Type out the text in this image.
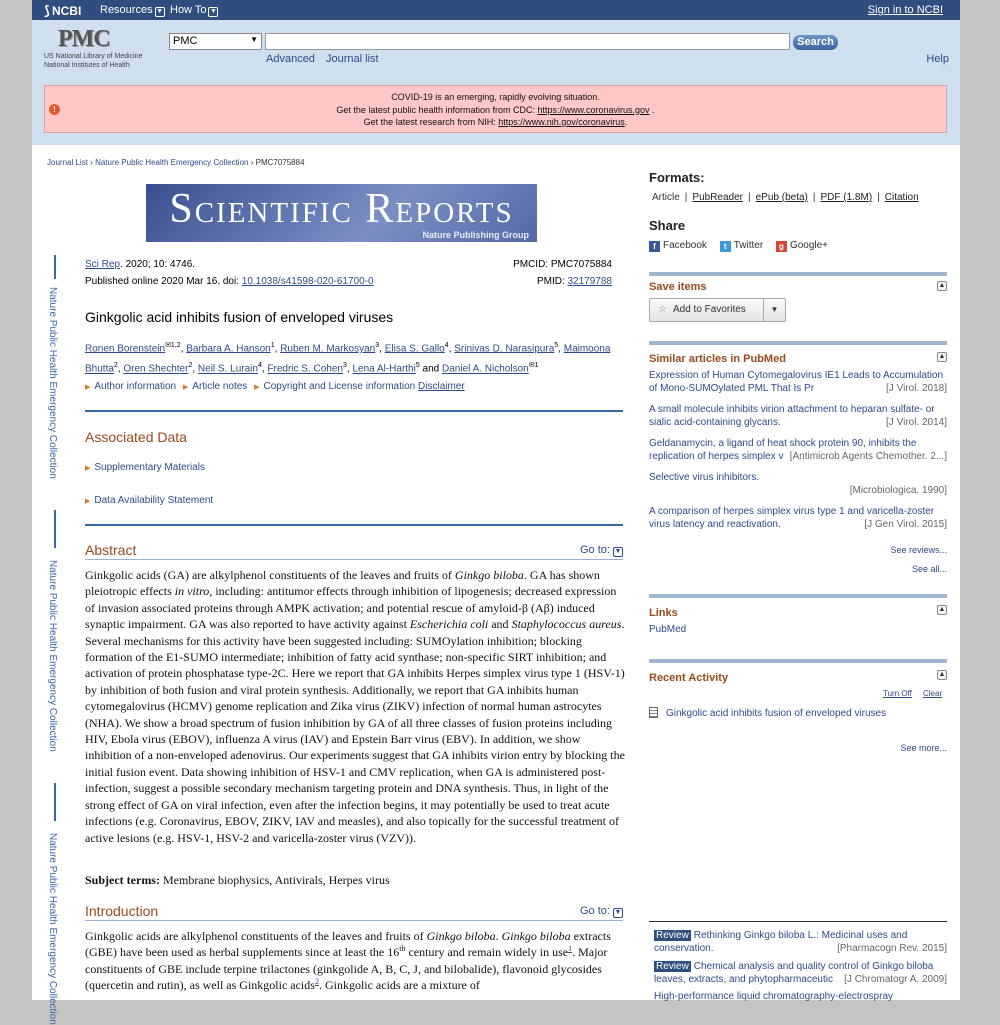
⟆ NCBI Resources ▼ How To ▼	Sign in to NCBI
PMC
US National Library of Medicine
National Institutes of Health
PMC	▼	Search
Advanced Journal list	Help
!
COVID-19 is an emerging, rapidly evolving situation.
Get the latest public health information from CDC: https://www.coronavirus.gov .
Get the latest research from NIH: https://www.nih.gov/coronavirus.
Journal List › Nature Public Health Emergency Collection › PMC7075884
Scientific Reports
Nature Publishing Group
Nature Public Health Emergency Collection
Nature Public Health Emergency Collection
Nature Public Health Emergency Collection
Sci Rep. 2020; 10: 4746.	PMCID: PMC7075884
Published online 2020 Mar 16. doi: 10.1038/s41598-020-61700-0	PMID: 32179788
Ginkgolic acid inhibits fusion of enveloped viruses
Ronen Borenstein$^{✉1,2}$, Barbara A. Hanson$^1$, Ruben M. Markosyan$^3$, Elisa S. Gallo$^4$, Srinivas D. Narasipura$^5$, Maimoona Bhutta$^2$, Oren Shechter$^2$, Neil S. Lurain$^4$, Fredric S. Cohen$^3$, Lena Al-Harthi$^5$ and Daniel A. Nicholson$^{✉1}$
▶ Author information ▶ Article notes ▶ Copyright and License information Disclaimer
Associated Data
▶ Supplementary Materials
▶ Data Availability Statement
Abstract	Go to: ▼
Ginkgolic acids (GA) are alkylphenol constituents of the leaves and fruits of Ginkgo biloba. GA has shown pleiotropic effects in vitro, including: antitumor effects through inhibition of lipogenesis; decreased expression of invasion associated proteins through AMPK activation; and potential rescue of amyloid-β (Aβ) induced synaptic impairment. GA was also reported to have activity against Escherichia coli and Staphylococcus aureus. Several mechanisms for this activity have been suggested including: SUMOylation inhibition; blocking formation of the E1-SUMO intermediate; inhibition of fatty acid synthase; non-specific SIRT inhibition; and activation of protein phosphatase type-2C. Here we report that GA inhibits Herpes simplex virus type 1 (HSV-1) by inhibition of both fusion and viral protein synthesis. Additionally, we report that GA inhibits human cytomegalovirus (HCMV) genome replication and Zika virus (ZIKV) infection of normal human astrocytes (NHA). We show a broad spectrum of fusion inhibition by GA of all three classes of fusion proteins including HIV, Ebola virus (EBOV), influenza A virus (IAV) and Epstein Barr virus (EBV). In addition, we show inhibition of a non-enveloped adenovirus. Our experiments suggest that GA inhibits virion entry by blocking the initial fusion event. Data showing inhibition of HSV-1 and CMV replication, when GA is administered post-infection, suggest a possible secondary mechanism targeting protein and DNA synthesis. Thus, in light of the strong effect of GA on viral infection, even after the infection begins, it may potentially be used to treat acute infections (e.g. Coronavirus, EBOV, ZIKV, IAV and measles), and also topically for the successful treatment of active lesions (e.g. HSV-1, HSV-2 and varicella-zoster virus (VZV)).
Subject terms: Membrane biophysics, Antivirals, Herpes virus
Introduction	Go to: ▼
Ginkgolic acids are alkylphenol constituents of the leaves and fruits of Ginkgo biloba. Ginkgo biloba extracts (GBE) have been used as herbal supplements since at least the 16th century and remain widely in use$^1$. Major constituents of GBE include terpine trilactones (ginkgolide A, B, C, J, and bilobalide), flavonoid glycosides (quercetin and rutin), as well as Ginkgolic acids$^2$. Ginkgolic acids are a mixture of
Formats:
Article | PubReader | ePub (beta) | PDF (1.8M) | Citation
Share
f Facebook t Twitter g Google+
Save items	▲
☆ Add to Favorites	▼
Similar articles in PubMed	▲
Expression of Human Cytomegalovirus IE1 Leads to Accumulation of Mono-SUMOylated PML That Is Pr	[J Virol. 2018]
A small molecule inhibits virion attachment to heparan sulfate- or sialic acid-containing glycans.	[J Virol. 2014]
Geldanamycin, a ligand of heat shock protein 90, inhibits the replication of herpes simplex v [Antimicrob Agents Chemother. 2...]
Selective virus inhibitors.
[Microbiologica. 1990]
A comparison of herpes simplex virus type 1 and varicella-zoster virus latency and reactivation.	[J Gen Virol. 2015]
See reviews...
See all...
Links	▲
PubMed
Recent Activity	▲
Turn Off Clear
Ginkgolic acid inhibits fusion of enveloped viruses
See more...
Review Rethinking Ginkgo biloba L.: Medicinal uses and conservation.	[Pharmacogn Rev. 2015]
Review Chemical analysis and quality control of Ginkgo biloba leaves, extracts, and phytopharmaceutic	[J Chromatogr A. 2009]
High-performance liquid chromatography-electrospray
